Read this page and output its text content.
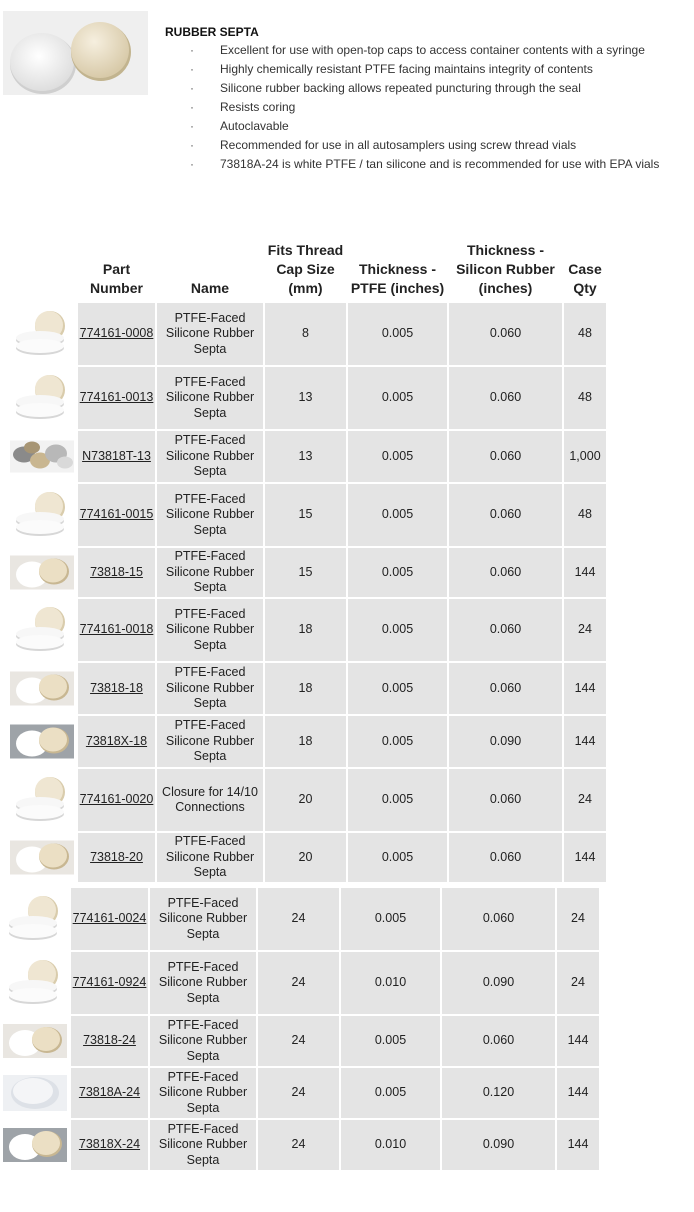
RUBBER SEPTA
· Excellent for use with open-top caps to access container contents with a syringe
· Highly chemically resistant PTFE facing maintains integrity of contents
· Silicone rubber backing allows repeated puncturing through the seal
· Resists coring
· Autoclavable
· Recommended for use in all autosamplers using screw thread vials
· 73818A-24 is white PTFE / tan silicone and is recommended for use with EPA vials
	Part Number	Name	Fits Thread Cap Size (mm)	Thickness - PTFE (inches)	Thickness - Silicon Rubber (inches)	Case Qty

	774161-0008	PTFE-Faced Silicone Rubber Septa	8	0.005	0.060	48

	774161-0013	PTFE-Faced Silicone Rubber Septa	13	0.005	0.060	48

	N73818T-13	PTFE-Faced Silicone Rubber Septa	13	0.005	0.060	1,000

	774161-0015	PTFE-Faced Silicone Rubber Septa	15	0.005	0.060	48

	73818-15	PTFE-Faced Silicone Rubber Septa	15	0.005	0.060	144

	774161-0018	PTFE-Faced Silicone Rubber Septa	18	0.005	0.060	24

	73818-18	PTFE-Faced Silicone Rubber Septa	18	0.005	0.060	144

	73818X-18	PTFE-Faced Silicone Rubber Septa	18	0.005	0.090	144

	774161-0020	Closure for 14/10 Connections	20	0.005	0.060	24

	73818-20	PTFE-Faced Silicone Rubber Septa	20	0.005	0.060	144
	774161-0024	PTFE-Faced Silicone Rubber Septa	24	0.005	0.060	24

	774161-0924	PTFE-Faced Silicone Rubber Septa	24	0.010	0.090	24

	73818-24	PTFE-Faced Silicone Rubber Septa	24	0.005	0.060	144

	73818A-24	PTFE-Faced Silicone Rubber Septa	24	0.005	0.120	144

	73818X-24	PTFE-Faced Silicone Rubber Septa	24	0.010	0.090	144
